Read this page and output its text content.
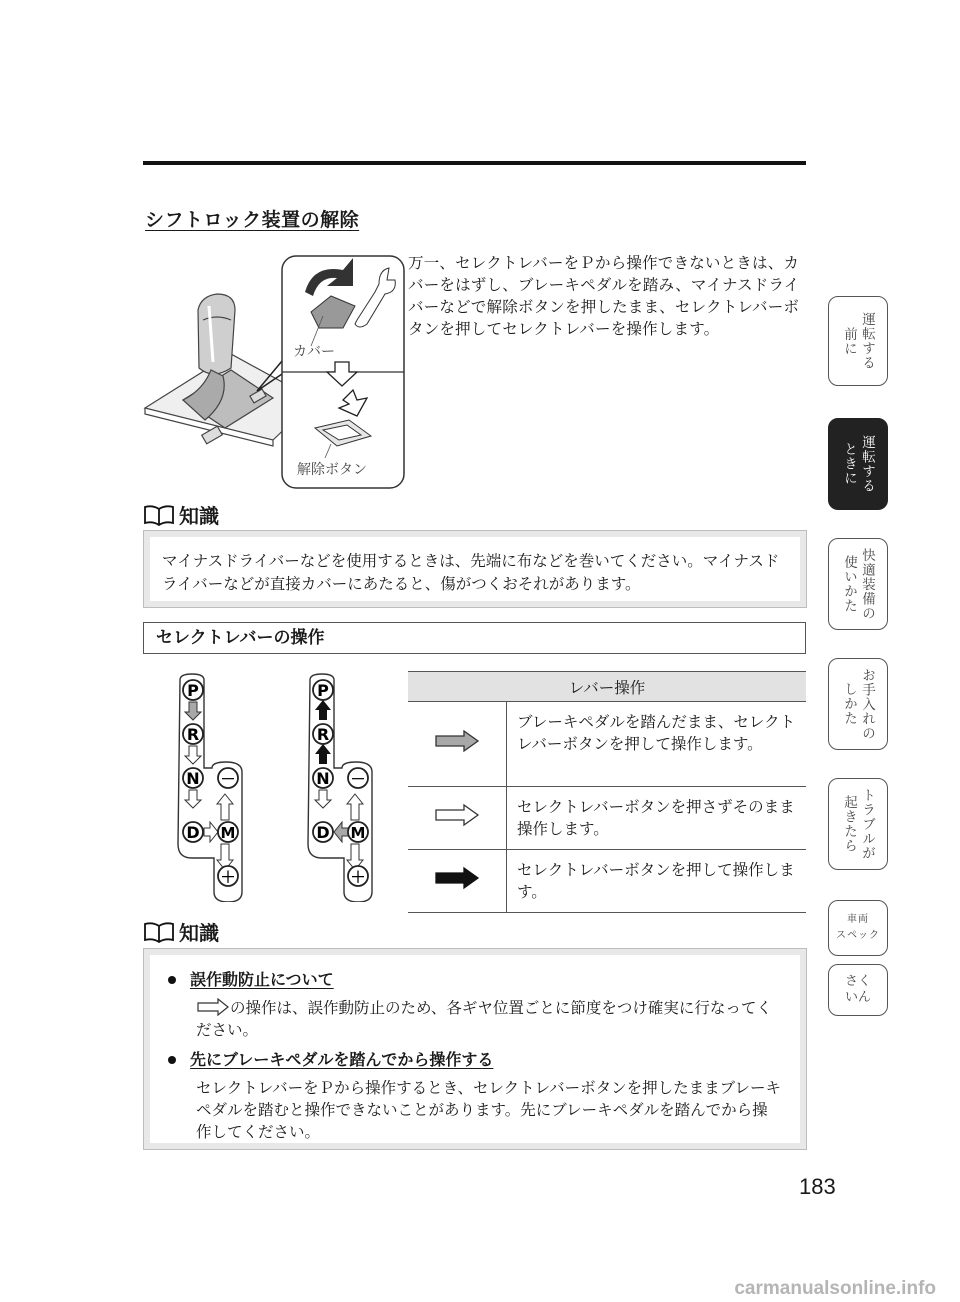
シフトロック装置の解除
カバー
解除ボタン
万一、セレクトレバーをＰから操作できないときは、カバーをはずし、ブレーキペダルを踏み、マイナスドライバーなどで解除ボタンを押したまま、セレクトレバーボタンを押してセレクトレバーを操作します。
知識
マイナスドライバーなどを使用するときは、先端に布などを巻いてください。マイナスドライバーなどが直接カバーにあたると、傷がつくおそれがあります。
セレクトレバーの操作
P
R
N
D M
－
＋
P
R
N
D M
－
＋
レバー操作	
	ブレーキペダルを踏んだまま、セレクトレバーボタンを押して操作します。
	セレクトレバーボタンを押さずそのまま操作します。
	セレクトレバーボタンを押して操作します。
知識
誤作動防止について
の操作は、誤作動防止のため、各ギヤ位置ごとに節度をつけ確実に行なってください。
先にブレーキペダルを踏んでから操作する
セレクトレバーをＰから操作するとき、セレクトレバーボタンを押したままブレーキペダルを踏むと操作できないことがあります。先にブレーキペダルを踏んでから操作してください。
運転する
前に
運転する
ときに
快適装備の
使いかた
お手入れの
しかた
トラブルが
起きたら
車両
スペック
さく
いん
183
carmanualsonline.info
